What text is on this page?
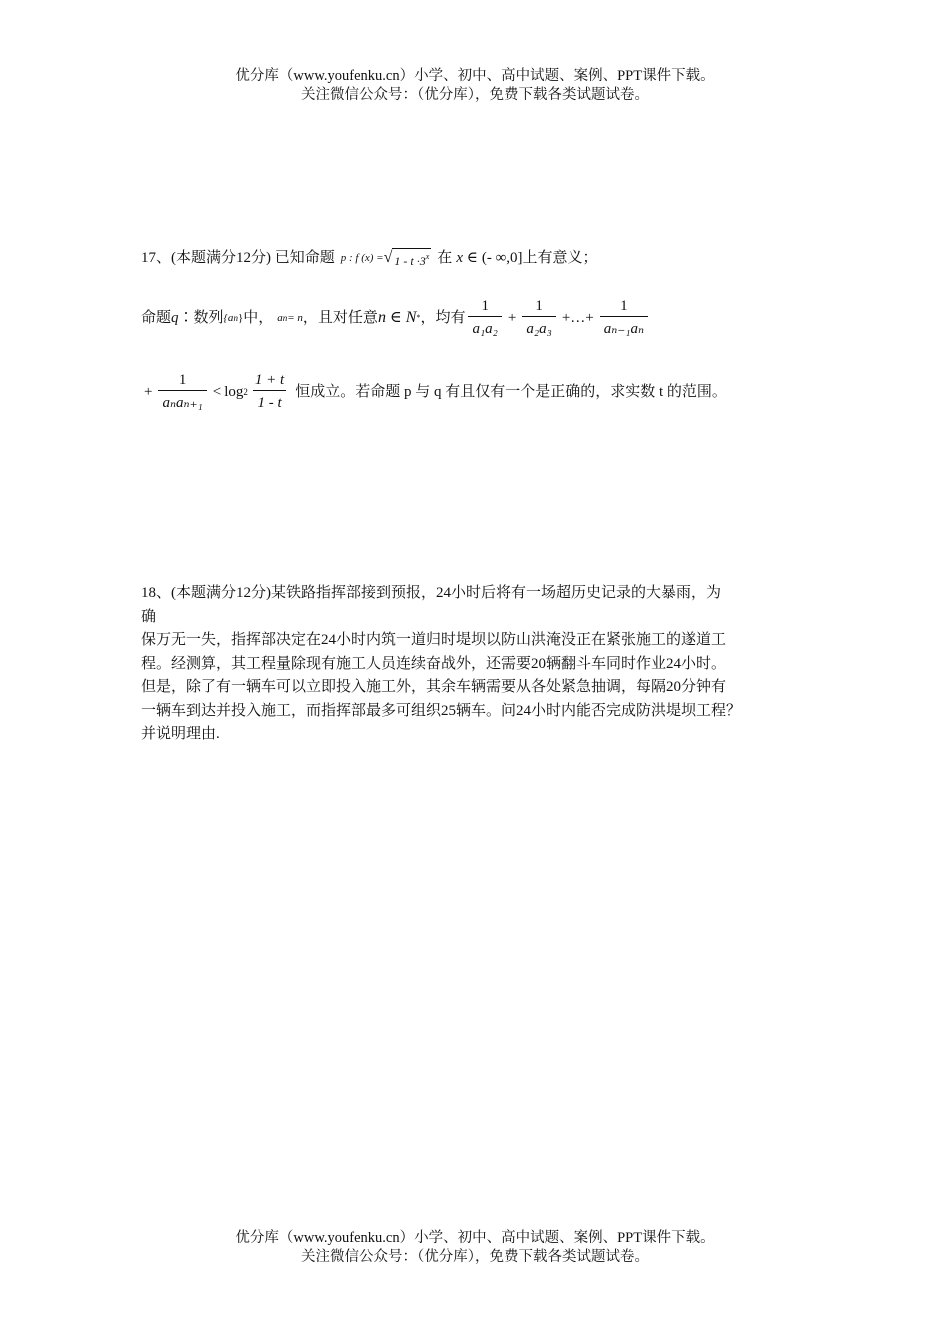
优分库（www.youfenku.cn）小学、初中、高中试题、案例、PPT课件下载。
关注微信公众号：（优分库），免费下载各类试题试卷。
17、(本题满分12分) 已知命题 p : f (x) = √ $1 - t \cdot 3^x$ 在 x ∈ (- ∞,0] 上有意义；
命题 q ∶数列 {a n } 中， a n = n ，且对任意 n ∈ N * ，均有 $\frac{1}{\text{a₁a₂}} + \frac{1}{\text{a₂a₃}}$ +…+ $\frac{1}{\text{aₙ₋₁aₙ}}$
+ $\frac{1}{\text{aₙaₙ₊₁}} < \log 2 \frac{1 + t}{1 - t}$ 恒成立。若命题 p 与 q 有且仅有一个是正确的，求实数 t 的范围。

18、(本题满分12分)某铁路指挥部接到预报，24小时后将有一场超历史记录的大暴雨，为

确

保万无一失，指挥部决定在24小时内筑一道归时堤坝以防山洪淹没正在紧张施工的遂道工

程。经测算，其工程量除现有施工人员连续奋战外，还需要20辆翻斗车同时作业24小时。

但是，除了有一辆车可以立即投入施工外，其余车辆需要从各处紧急抽调，每隔20分钟有

一辆车到达并投入施工，而指挥部最多可组织25辆车。问24小时内能否完成防洪堤坝工程？

并说明理由.

优分库（www.youfenku.cn）小学、初中、高中试题、案例、PPT课件下载。
关注微信公众号：（优分库），免费下载各类试题试卷。
